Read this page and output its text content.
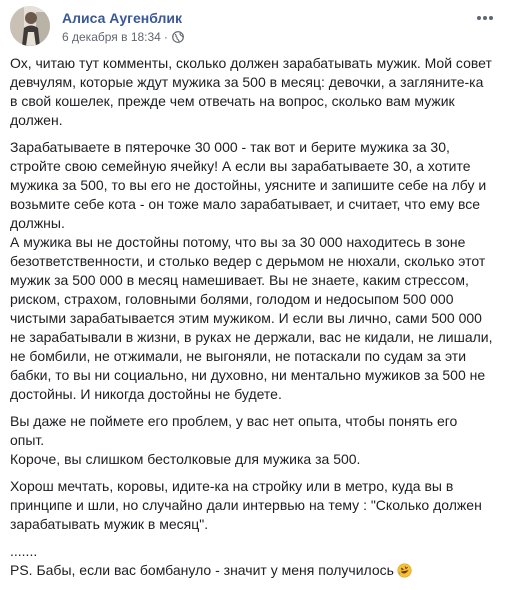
Алиса Аугенблик
6 декабря в 18:34 ·

Ох, читаю тут комменты, сколько должен зарабатывать мужик. Мой совет девчулям, которые ждут мужика за 500 в месяц: девочки, а загляните-ка в свой кошелек, прежде чем отвечать на вопрос, сколько вам мужик должен.

Зарабатываете в пятерочке 30 000 - так вот и берите мужика за 30, стройте свою семейную ячейку! А если вы зарабатываете 30, а хотите мужика за 500, то вы его не достойны, уясните и запишите себе на лбу и возьмите себе кота - он тоже мало зарабатывает, и считает, что ему все должны.

А мужика вы не достойны потому, что вы за 30 000 находитесь в зоне безответственности, и столько ведер с дерьмом не нюхали, сколько этот мужик за 500 000 в месяц намешивает. Вы не знаете, каким стрессом, риском, страхом, головными болями, голодом и недосыпом 500 000 чистыми зарабатывается этим мужиком. И если вы лично, сами 500 000 не зарабатывали в жизни, в руках не держали, вас не кидали, не лишали, не бомбили, не отжимали, не выгоняли, не потаскали по судам за эти бабки, то вы ни социально, ни духовно, ни ментально мужиков за 500 не достойны. И никогда достойны не будете.

Вы даже не поймете его проблем, у вас нет опыта, чтобы понять его опыт.

Короче, вы слишком бестолковые для мужика за 500.

Хорош мечтать, коровы, идите-ка на стройку или в метро, куда вы в принципе и шли, но случайно дали интервью на тему : "Сколько должен зарабатывать мужик в месяц".

.......

PS. Бабы, если вас бомбануло - значит у меня получилось
